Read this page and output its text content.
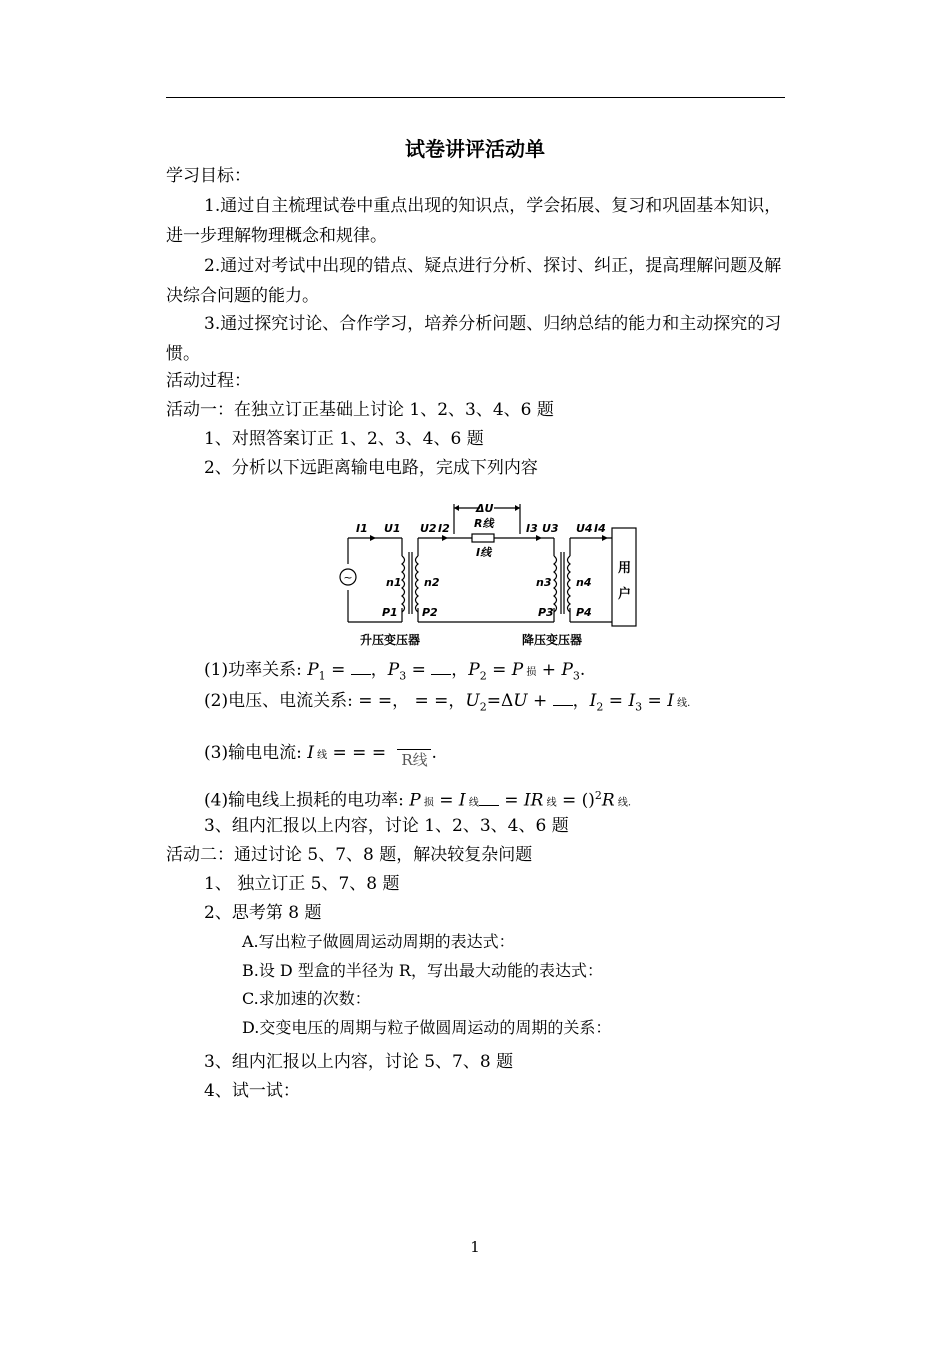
试卷讲评活动单
学习目标：
1.通过自主梳理试卷中重点出现的知识点，学会拓展、复习和巩固基本知识，进一步理解物理概念和规律。
2.通过对考试中出现的错点、疑点进行分析、探讨、纠正，提高理解问题及解决综合问题的能力。
3.通过探究讨论、合作学习，培养分析问题、归纳总结的能力和主动探究的习惯。
活动过程：
活动一：在独立订正基础上讨论 1、2、3、4、6 题
1、对照答案订正 1、2、3、4、6 题
2、分析以下远距离输电电路，完成下列内容
~
ΔU
R线
I线
I1 U1 U2 I2	I3 U3 U4 I4
n1 n2	n3 n4
P1 P2	P3 P4
用
户
升压变压器	降压变压器
(1)功率关系: $P_1$ = ，$P_3$ = ，$P_2 = P$ 损 + $P_3$.
(2)电压、电流关系: = =， = =，$U_2=\Delta U$ + ，$I_2 = I_3 = I$ 线.
(3)输电电流: I 线 = = = R线 .
(4)输电线上损耗的电功率: P 损 = I 线 = IR 线 = ()$^2$R 线.
3、组内汇报以上内容，讨论 1、2、3、4、6 题
活动二：通过讨论 5、7、8 题，解决较复杂问题
1、 独立订正 5、7、8 题
2、思考第 8 题
A.写出粒子做圆周运动周期的表达式：
B.设 D 型盒的半径为 R，写出最大动能的表达式：
C.求加速的次数：
D.交变电压的周期与粒子做圆周运动的周期的关系：
3、组内汇报以上内容，讨论 5、7、8 题
4、试一试：
1
